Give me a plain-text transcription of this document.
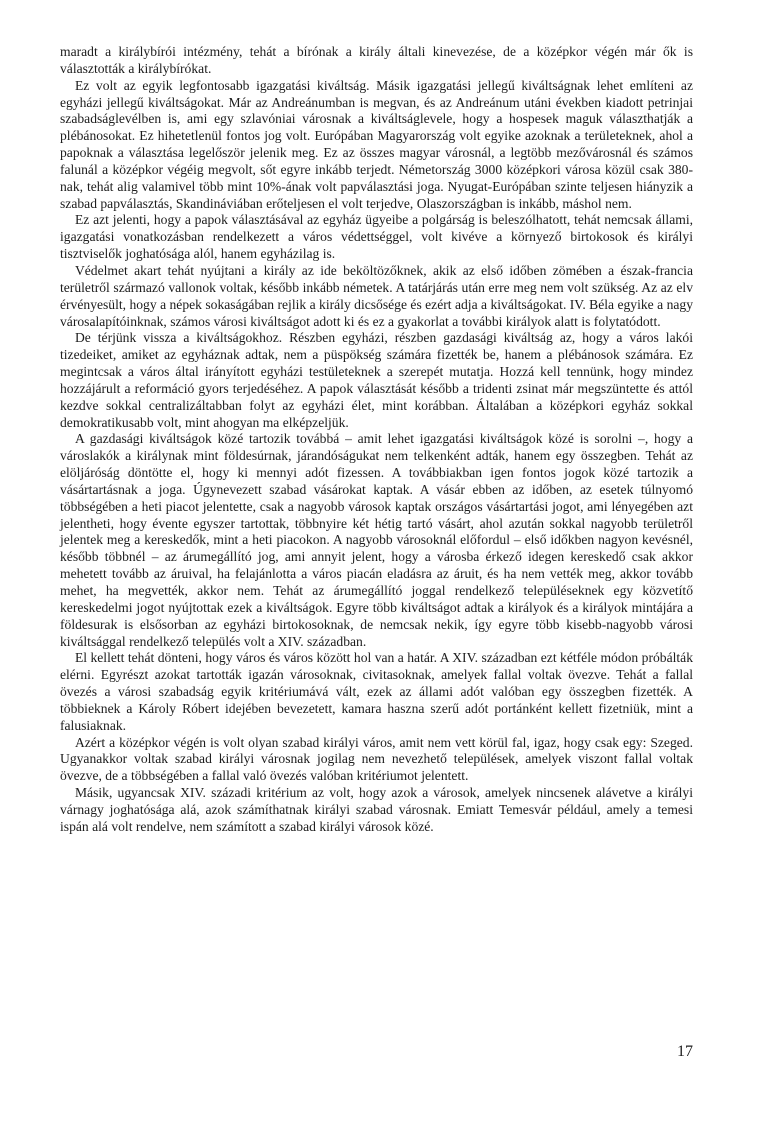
maradt a királybírói intézmény, tehát a bírónak a király általi kinevezése, de a középkor végén már ők is választották a királybírókat.

Ez volt az egyik legfontosabb igazgatási kiváltság. Másik igazgatási jellegű kiváltságnak lehet említeni az egyházi jellegű kiváltságokat. Már az Andreánumban is megvan, és az Andreánum utáni években kiadott petrinjai szabadságlevélben is, ami egy szlavóniai városnak a kiváltságlevele, hogy a hospesek maguk választhatják a plébánosokat. Ez hihetetlenül fontos jog volt. Európában Magyarország volt egyike azoknak a területeknek, ahol a papoknak a választása legelőször jelenik meg. Ez az összes magyar városnál, a legtöbb mezővárosnál és számos falunál a középkor végéig megvolt, sőt egyre inkább terjedt. Németország 3000 középkori városa közül csak 380-nak, tehát alig valamivel több mint 10%-ának volt papválasztási joga. Nyugat-Európában szinte teljesen hiányzik a szabad papválasztás, Skandináviában erőteljesen el volt terjedve, Olaszországban is inkább, máshol nem.

Ez azt jelenti, hogy a papok választásával az egyház ügyeibe a polgárság is beleszólhatott, tehát nemcsak állami, igazgatási vonatkozásban rendelkezett a város védettséggel, volt kivéve a környező birtokosok és királyi tisztviselők joghatósága alól, hanem egyházilag is.

Védelmet akart tehát nyújtani a király az ide beköltözőknek, akik az első időben zömében a észak-francia területről származó vallonok voltak, később inkább németek. A tatárjárás után erre meg nem volt szükség. Az az elv érvényesült, hogy a népek sokaságában rejlik a király dicsősége és ezért adja a kiváltságokat. IV. Béla egyike a nagy városalapítóinknak, számos városi kiváltságot adott ki és ez a gyakorlat a további királyok alatt is folytatódott.

De térjünk vissza a kiváltságokhoz. Részben egyházi, részben gazdasági kiváltság az, hogy a város lakói tizedeiket, amiket az egyháznak adtak, nem a püspökség számára fizették be, hanem a plébánosok számára. Ez megintcsak a város által irányított egyházi testületeknek a szerepét mutatja. Hozzá kell tennünk, hogy mindez hozzájárult a reformáció gyors terjedéséhez. A papok választását később a tridenti zsinat már megszüntette és attól kezdve sokkal centralizáltabban folyt az egyházi élet, mint korábban. Általában a középkori egyház sokkal demokratikusabb volt, mint ahogyan ma elképzeljük.

A gazdasági kiváltságok közé tartozik továbbá – amit lehet igazgatási kiváltságok közé is sorolni –, hogy a városlakók a királynak mint földesúrnak, járandóságukat nem telkenként adták, hanem egy összegben. Tehát az elöljáróság döntötte el, hogy ki mennyi adót fizessen. A továbbiakban igen fontos jogok közé tartozik a vásártartásnak a joga. Úgynevezett szabad vásárokat kaptak. A vásár ebben az időben, az esetek túlnyomó többségében a heti piacot jelentette, csak a nagyobb városok kaptak országos vásártartási jogot, ami lényegében azt jelentheti, hogy évente egyszer tartottak, többnyire két hétig tartó vásárt, ahol azután sokkal nagyobb területről jelentek meg a kereskedők, mint a heti piacokon. A nagyobb városoknál előfordul – első időkben nagyon kevésnél, később többnél – az árumegállító jog, ami annyit jelent, hogy a városba érkező idegen kereskedő csak akkor mehetett tovább az áruival, ha felajánlotta a város piacán eladásra az áruit, és ha nem vették meg, akkor tovább mehet, ha megvették, akkor nem. Tehát az árumegállító joggal rendelkező településeknek egy közvetítő kereskedelmi jogot nyújtottak ezek a kiváltságok. Egyre több kiváltságot adtak a királyok és a királyok mintájára a földesurak is elsősorban az egyházi birtokosoknak, de nemcsak nekik, így egyre több kisebb-nagyobb városi kiváltsággal rendelkező település volt a XIV. században.

El kellett tehát dönteni, hogy város és város között hol van a határ. A XIV. században ezt kétféle módon próbálták elérni. Egyrészt azokat tartották igazán városoknak, civitasoknak, amelyek fallal voltak övezve. Tehát a fallal övezés a városi szabadság egyik kritériumává vált, ezek az állami adót valóban egy összegben fizették. A többieknek a Károly Róbert idejében bevezetett, kamara haszna szerű adót portánként kellett fizetniük, mint a falusiaknak.

Azért a középkor végén is volt olyan szabad királyi város, amit nem vett körül fal, igaz, hogy csak egy: Szeged. Ugyanakkor voltak szabad királyi városnak jogilag nem nevezhető települések, amelyek viszont fallal voltak övezve, de a többségében a fallal való övezés valóban kritériumot jelentett.

Másik, ugyancsak XIV. századi kritérium az volt, hogy azok a városok, amelyek nincsenek alávetve a királyi várnagy joghatósága alá, azok számíthatnak királyi szabad városnak. Emiatt Temesvár például, amely a temesi ispán alá volt rendelve, nem számított a szabad királyi városok közé.

17
